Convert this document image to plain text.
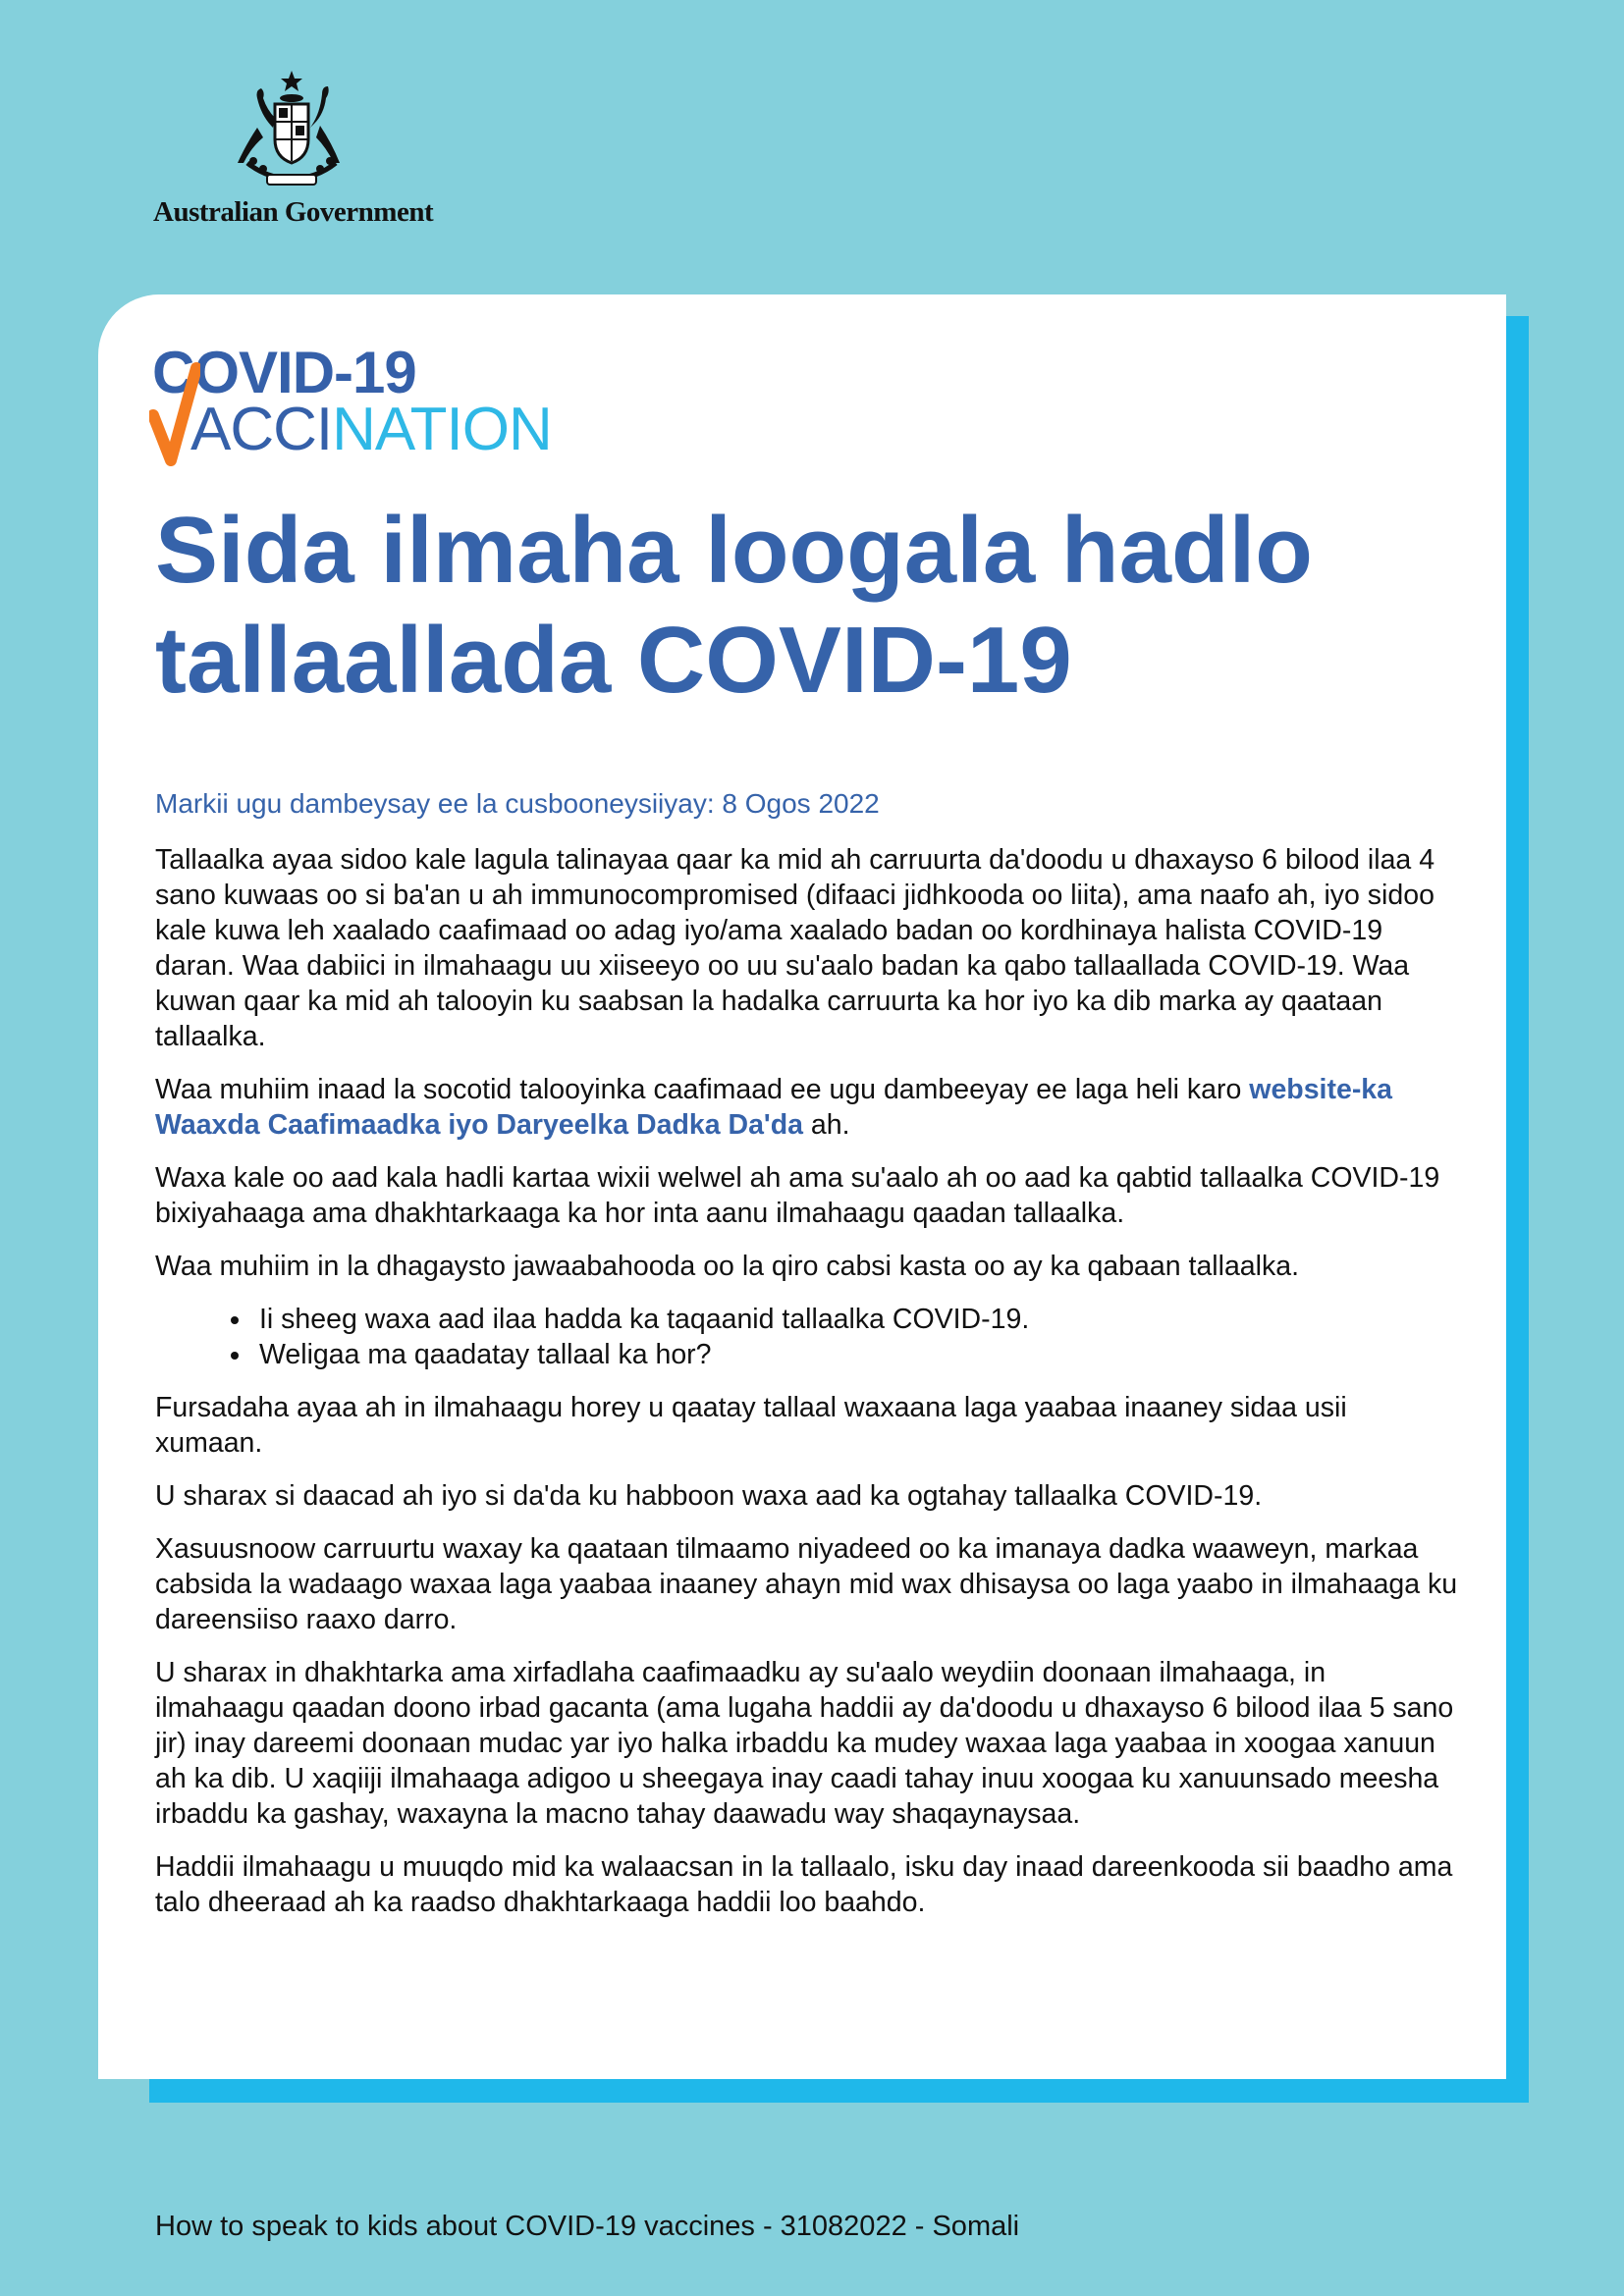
Australian Government
COVID-19
ACCINATION
Sida ilmaha loogala hadlo tallaallada COVID-19

Markii ugu dambeysay ee la cusbooneysiiyay: 8 Ogos 2022

Tallaalka ayaa sidoo kale lagula talinayaa qaar ka mid ah carruurta da'doodu u dhaxayso 6 bilood ilaa 4 sano kuwaas oo si ba'an u ah immunocompromised (difaaci jidhkooda oo liita), ama naafo ah, iyo sidoo kale kuwa leh xaalado caafimaad oo adag iyo/ama xaalado badan oo kordhinaya halista COVID-19 daran. Waa dabiici in ilmahaagu uu xiiseeyo oo uu su'aalo badan ka qabo tallaallada COVID-19. Waa kuwan qaar ka mid ah talooyin ku saabsan la hadalka carruurta ka hor iyo ka dib marka ay qaataan tallaalka.

Waa muhiim inaad la socotid talooyinka caafimaad ee ugu dambeeyay ee laga heli karo website-ka Waaxda Caafimaadka iyo Daryeelka Dadka Da'da ah.

Waxa kale oo aad kala hadli kartaa wixii welwel ah ama su'aalo ah oo aad ka qabtid tallaalka COVID-19 bixiyahaaga ama dhakhtarkaaga ka hor inta aanu ilmahaagu qaadan tallaalka.

Waa muhiim in la dhagaysto jawaabahooda oo la qiro cabsi kasta oo ay ka qabaan tallaalka.

• Ii sheeg waxa aad ilaa hadda ka taqaanid tallaalka COVID-19.
• Weligaa ma qaadatay tallaal ka hor?

Fursadaha ayaa ah in ilmahaagu horey u qaatay tallaal waxaana laga yaabaa inaaney sidaa usii xumaan.

U sharax si daacad ah iyo si da'da ku habboon waxa aad ka ogtahay tallaalka COVID-19.

Xasuusnoow carruurtu waxay ka qaataan tilmaamo niyadeed oo ka imanaya dadka waaweyn, markaa cabsida la wadaago waxaa laga yaabaa inaaney ahayn mid wax dhisaysa oo laga yaabo in ilmahaaga ku dareensiiso raaxo darro.

U sharax in dhakhtarka ama xirfadlaha caafimaadku ay su'aalo weydiin doonaan ilmahaaga, in ilmahaagu qaadan doono irbad gacanta (ama lugaha haddii ay da'doodu u dhaxayso 6 bilood ilaa 5 sano jir) inay dareemi doonaan mudac yar iyo halka irbaddu ka mudey waxaa laga yaabaa in xoogaa xanuun ah ka dib. U xaqiiji ilmahaaga adigoo u sheegaya inay caadi tahay inuu xoogaa ku xanuunsado meesha irbaddu ka gashay, waxayna la macno tahay daawadu way shaqaynaysaa.

Haddii ilmahaagu u muuqdo mid ka walaacsan in la tallaalo, isku day inaad dareenkooda sii baadho ama talo dheeraad ah ka raadso dhakhtarkaaga haddii loo baahdo.

How to speak to kids about COVID-19 vaccines - 31082022 - Somali
